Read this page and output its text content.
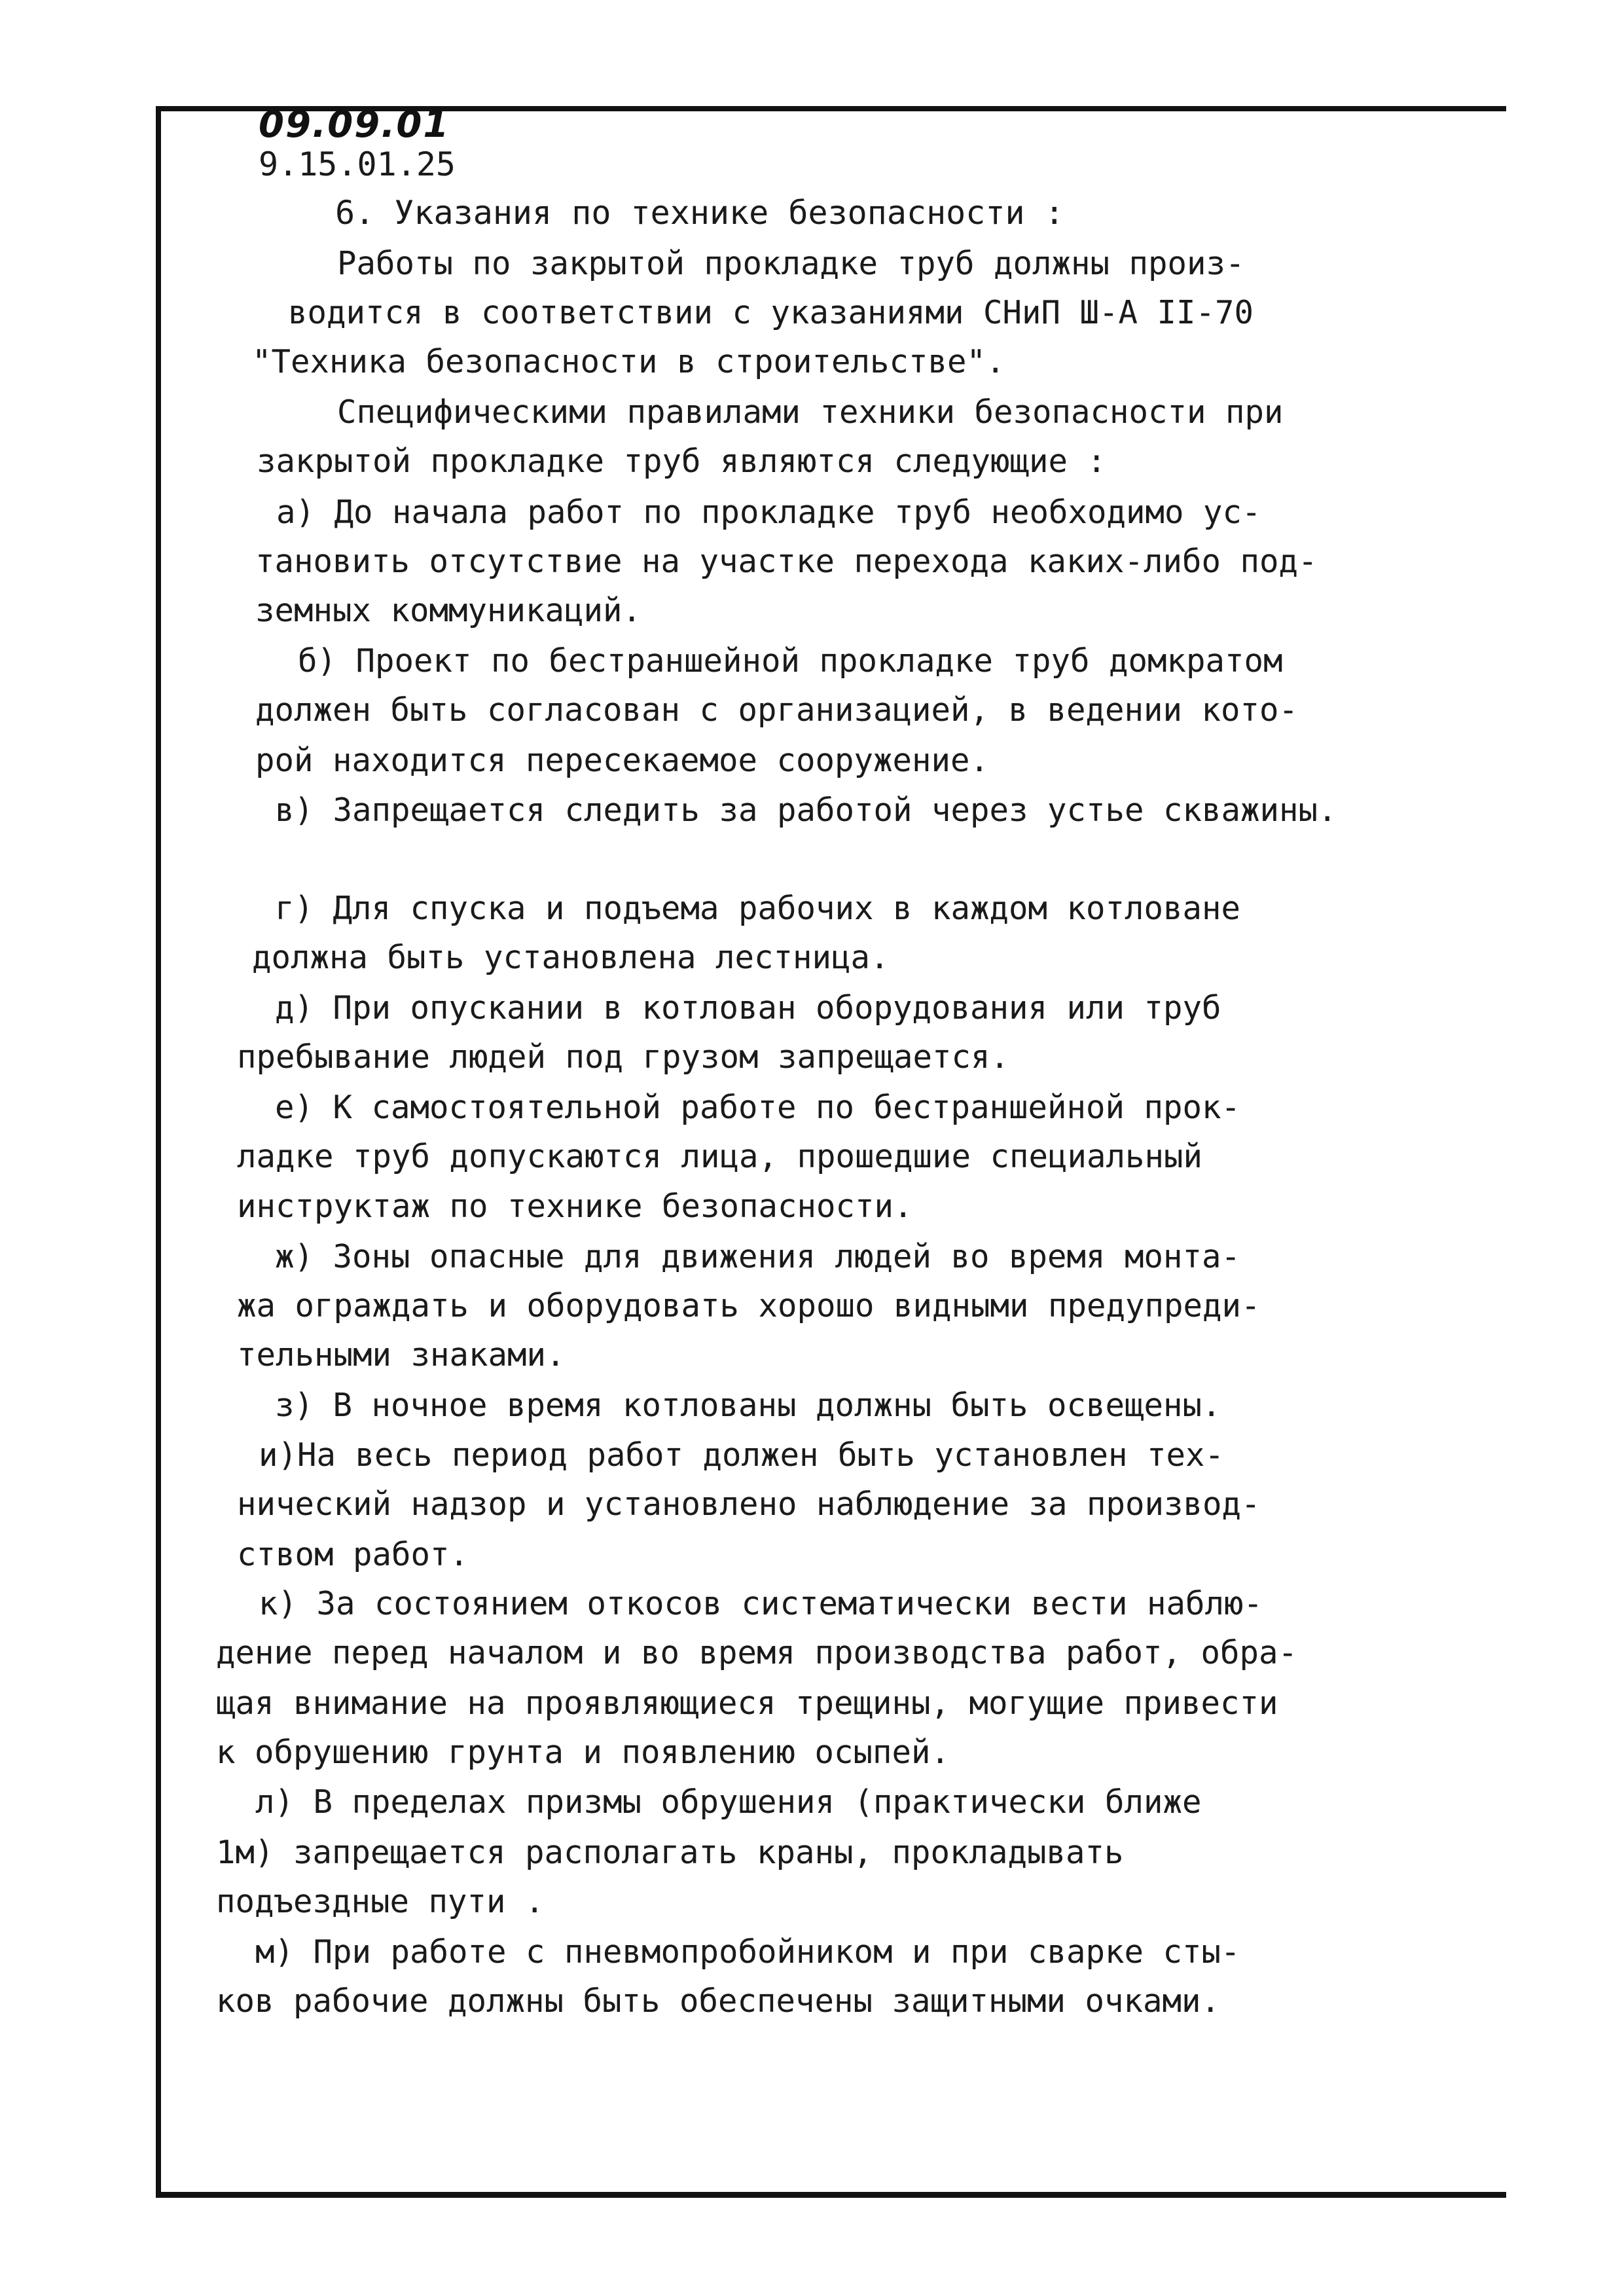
09.09.01
9.15.01.25
6. Указания по технике безопасности :
Работы по закрытой прокладке труб должны произ-
водится в соответствии с указаниями СНиП Ш-А II-70
"Техника безопасности в строительстве".
Специфическими правилами техники безопасности при
закрытой прокладке труб являются следующие :
а) До начала работ по прокладке труб необходимо ус-
тановить отсутствие на участке перехода каких-либо под-
земных коммуникаций.
б) Проект по бестраншейной прокладке труб домкратом
должен быть согласован с организацией, в ведении кото-
рой находится пересекаемое сооружение.
в) Запрещается следить за работой через устье скважины.
г) Для спуска и подъема рабочих в каждом котловане
должна быть установлена лестница.
д) При опускании в котлован оборудования или труб
пребывание людей под грузом запрещается.
е) К самостоятельной работе по бестраншейной прок-
ладке труб допускаются лица, прошедшие специальный
инструктаж по технике безопасности.
ж) Зоны опасные для движения людей во время монта-
жа ограждать и оборудовать хорошо видными предупреди-
тельными знаками.
з) В ночное время котлованы должны быть освещены.
и)На весь период работ должен быть установлен тех-
нический надзор и установлено наблюдение за производ-
ством работ.
к) За состоянием откосов систематически вести наблю-
дение перед началом и во время производства работ, обра-
щая внимание на проявляющиеся трещины, могущие привести
к обрушению грунта и появлению осыпей.
л) В пределах призмы обрушения (практически ближе
1м) запрещается располагать краны, прокладывать
подъездные пути .
м) При работе с пневмопробойником и при сварке сты-
ков рабочие должны быть обеспечены защитными очками.
